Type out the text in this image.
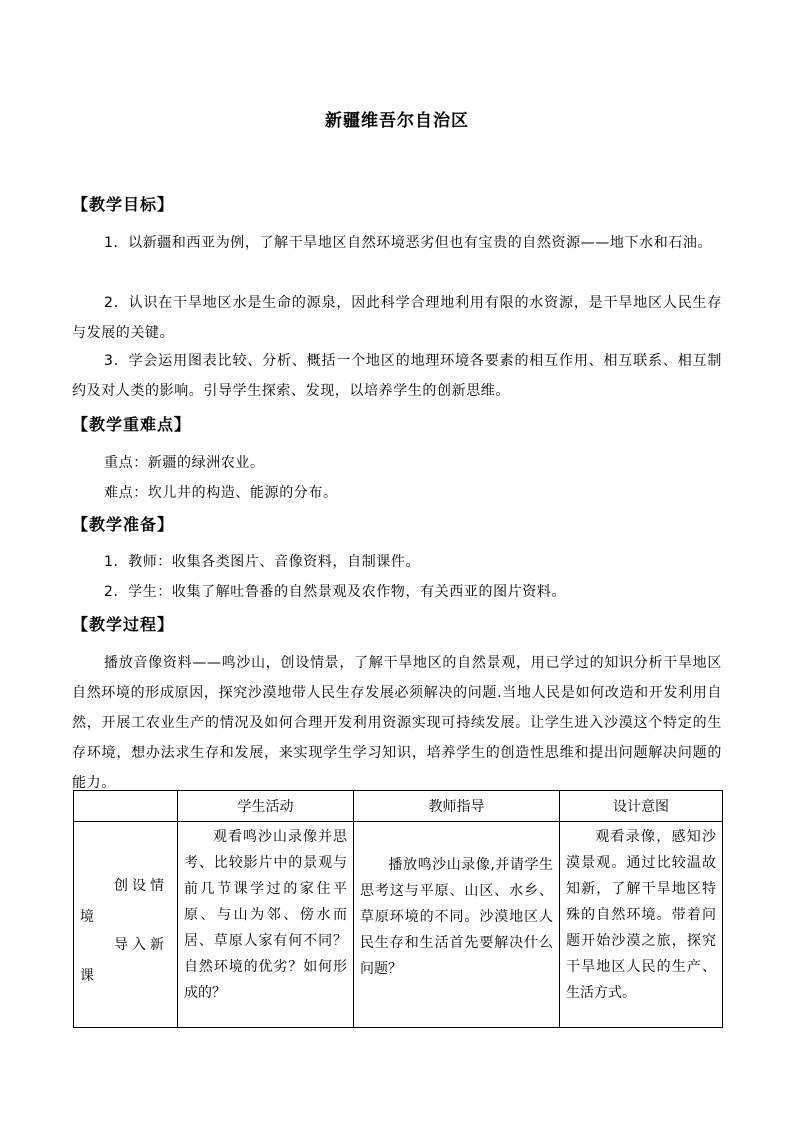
新疆维吾尔自治区
【教学目标】
1．以新疆和西亚为例，了解干旱地区自然环境恶劣但也有宝贵的自然资源——地下水和石油。
2．认识在干旱地区水是生命的源泉，因此科学合理地利用有限的水资源，是干旱地区人民生存与发展的关键。
3．学会运用图表比较、分析、概括一个地区的地理环境各要素的相互作用、相互联系、相互制约及对人类的影响。引导学生探索、发现，以培养学生的创新思维。
【教学重难点】
重点：新疆的绿洲农业。
难点：坎儿井的构造、能源的分布。
【教学准备】
1．教师：收集各类图片、音像资料，自制课件。
2．学生：收集了解吐鲁番的自然景观及农作物，有关西亚的图片资料。
【教学过程】
播放音像资料——鸣沙山，创设情景，了解干旱地区的自然景观，用已学过的知识分析干旱地区自然环境的形成原因，探究沙漠地带人民生存发展必须解决的问题.当地人民是如何改造和开发利用自然，开展工农业生产的情况及如何合理开发利用资源实现可持续发展。让学生进入沙漠这个特定的生存环境，想办法求生存和发展，来实现学生学习知识，培养学生的创造性思维和提出问题解决问题的能力。
	学生活动	教师指导	设计意图

创设情
境
导入新
课	观看鸣沙山录像并思考、比较影片中的景观与前几节课学过的家住平原、与山为邻、傍水而居、草原人家有何不同？自然环境的优劣？如何形成的？	播放鸣沙山录像,并请学生思考这与平原、山区、水乡、草原环境的不同。沙漠地区人民生存和生活首先要解决什么问题？	观看录像，感知沙漠景观。通过比较温故知新，了解干旱地区特殊的自然环境。带着问题开始沙漠之旅，探究干旱地区人民的生产、生活方式。
